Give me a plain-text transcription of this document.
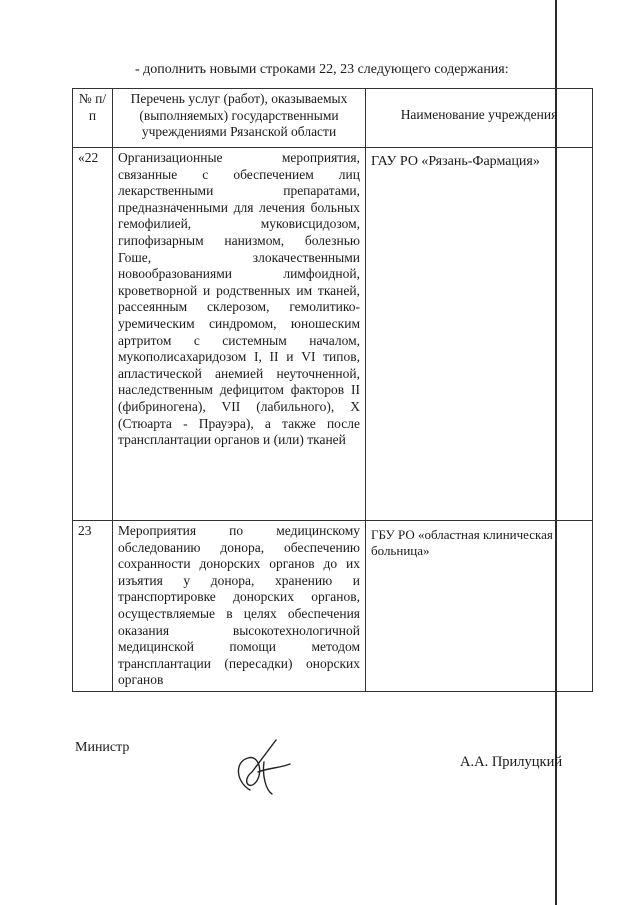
- дополнить новыми строками 22, 23 следующего содержания:
№ п/п	Перечень услуг (работ), оказываемых (выполняемых) государственными учреждениями Рязанской области	Наименование учреждения
«22	Организационные мероприятия, связанные с обеспечением лиц лекарственными препаратами, предназначенными для лечения больных гемофилией, муковисцидозом, гипофизарным нанизмом, болезнью Гоше, злокачественными новообразованиями лимфоидной, кроветворной и родственных им тканей, рассеянным склерозом, гемолитико-уремическим синдромом, юношеским артритом с системным началом, мукополисахаридозом I, II и VI типов, апластической анемией неуточненной, наследственным дефицитом факторов II (фибриногена), VII (лабильного), X (Стюарта - Прауэра), а также после трансплантации органов и (или) тканей	ГАУ РО «Рязань-Фармация»
23	Мероприятия по медицинскому обследованию донора, обеспечению сохранности донорских органов до их изъятия у донора, хранению и транспортировке донорских органов, осуществляемые в целях обеспечения оказания высокотехнологичной медицинской помощи методом трансплантации (пересадки) онорских органов	ГБУ РО «областная клиническая больница»
Министр
А.А. Прилуцкий
